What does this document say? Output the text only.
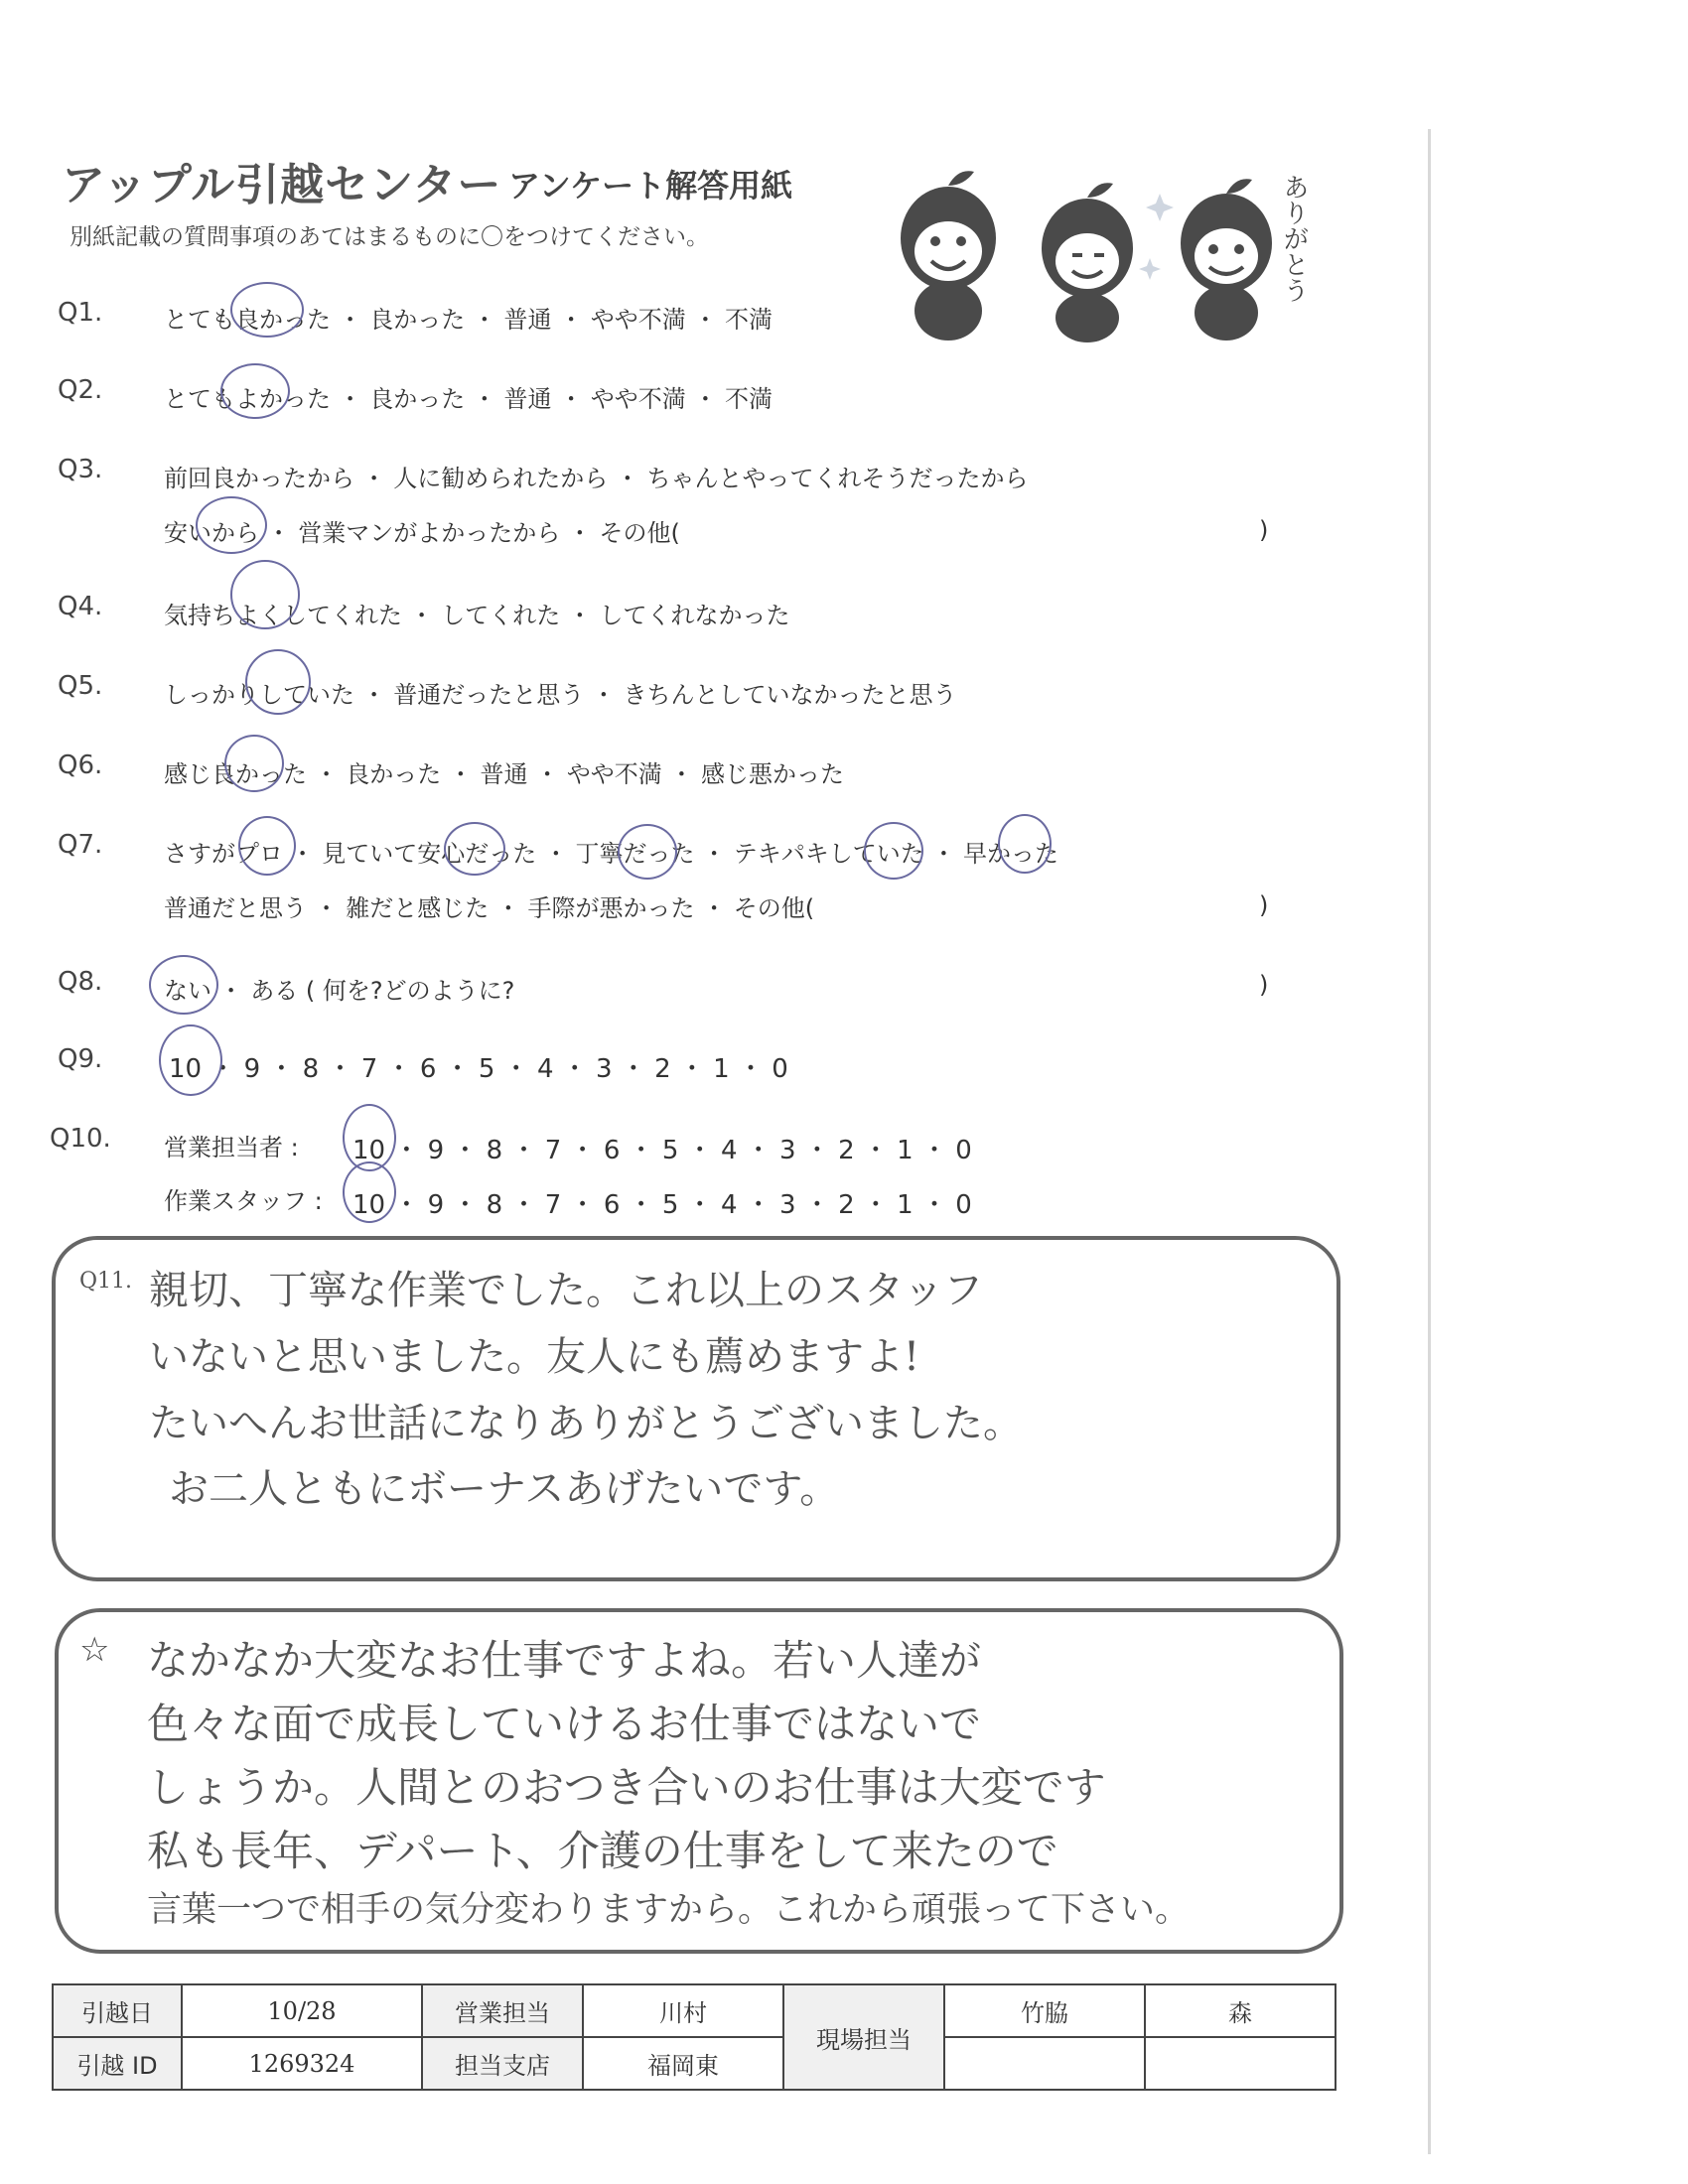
アップル引越センター アンケート解答用紙
別紙記載の質問事項のあてはまるものに〇をつけてください。	ありがとう
Q1.	とても良かった ・ 良かった ・ 普通 ・ やや不満 ・ 不満
Q2.	とてもよかった ・ 良かった ・ 普通 ・ やや不満 ・ 不満
Q3.	前回良かったから ・ 人に勧められたから ・ ちゃんとやってくれそうだったから
安いから ・ 営業マンがよかったから ・ その他(	)
Q4.	気持ちよくしてくれた ・ してくれた ・ してくれなかった
Q5.	しっかりしていた ・ 普通だったと思う ・ きちんとしていなかったと思う
Q6.	感じ良かった ・ 良かった ・ 普通 ・ やや不満 ・ 感じ悪かった
Q7.	さすがプロ ・ 見ていて安心だった ・ 丁寧だった ・ テキパキしていた ・ 早かった
普通だと思う ・ 雑だと感じた ・ 手際が悪かった ・ その他(	)
Q8.	ない ・ ある ( 何を?どのように?	)
Q9.	10 ・ 9 ・ 8 ・ 7 ・ 6 ・ 5 ・ 4 ・ 3 ・ 2 ・ 1 ・ 0
Q10. 営業担当者 : 10 ・ 9 ・ 8 ・ 7 ・ 6 ・ 5 ・ 4 ・ 3 ・ 2 ・ 1 ・ 0
作業スタッフ : 10 ・ 9 ・ 8 ・ 7 ・ 6 ・ 5 ・ 4 ・ 3 ・ 2 ・ 1 ・ 0
Q11. 親切、丁寧な作業でした。これ以上のスタッフ
いないと思いました。友人にも薦めますよ!
たいへんお世話になりありがとうございました。
お二人ともにボーナスあげたいです。
☆ なかなか大変なお仕事ですよね。若い人達が
色々な面で成長していけるお仕事ではないで
しょうか。人間とのおつき合いのお仕事は大変です
私も長年、デパート、介護の仕事をして来たので
言葉一つで相手の気分変わりますから。これから頑張って下さい。
引越日	10/28	営業担当	川村	現場担当	竹脇	森
引越 ID	1269324	担当支店	福岡東			
